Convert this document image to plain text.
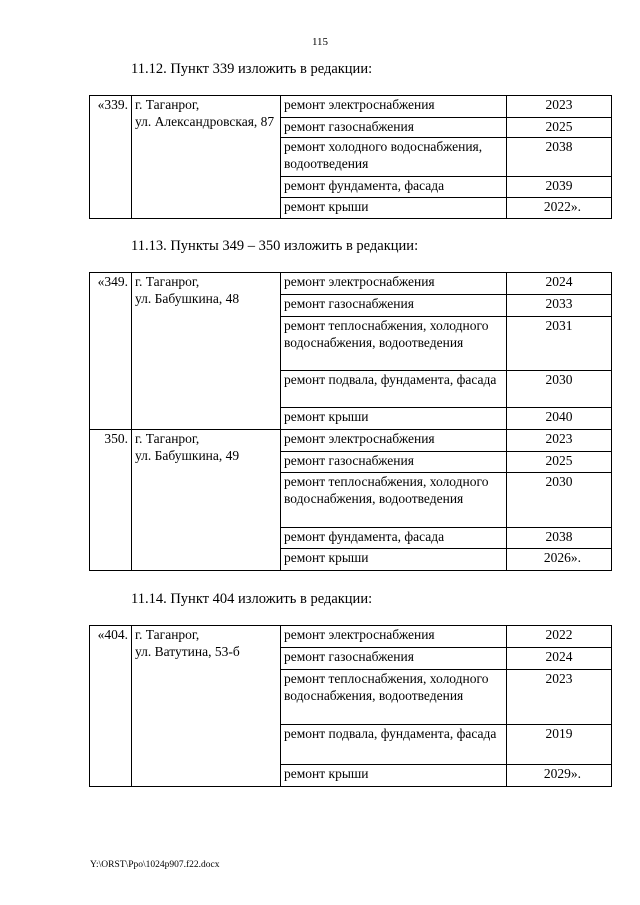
115
11.12. Пункт 339 изложить в редакции:
«339.	г. Таганрог,
ул. Александровская, 87	ремонт электроснабжения	2023
		ремонт газоснабжения	2025
		ремонт холодного водоснабжения, водоотведения	2038
		ремонт фундамента, фасада	2039
		ремонт крыши	2022».
11.13. Пункты 349 – 350 изложить в редакции:
«349.	г. Таганрог,
ул. Бабушкина, 48	ремонт электроснабжения	2024
		ремонт газоснабжения	2033
		ремонт теплоснабжения, холодного водоснабжения, водоотведения	2031
		ремонт подвала, фундамента, фасада	2030
		ремонт крыши	2040
350.	г. Таганрог,
ул. Бабушкина, 49	ремонт электроснабжения	2023
		ремонт газоснабжения	2025
		ремонт теплоснабжения, холодного водоснабжения, водоотведения	2030
		ремонт фундамента, фасада	2038
		ремонт крыши	2026».
11.14. Пункт 404 изложить в редакции:
«404.	г. Таганрог,
ул. Ватутина, 53-б	ремонт электроснабжения	2022
		ремонт газоснабжения	2024
		ремонт теплоснабжения, холодного водоснабжения, водоотведения	2023
		ремонт подвала, фундамента, фасада	2019
		ремонт крыши	2029».
Y:\ORST\Ppo\1024p907.f22.docx
